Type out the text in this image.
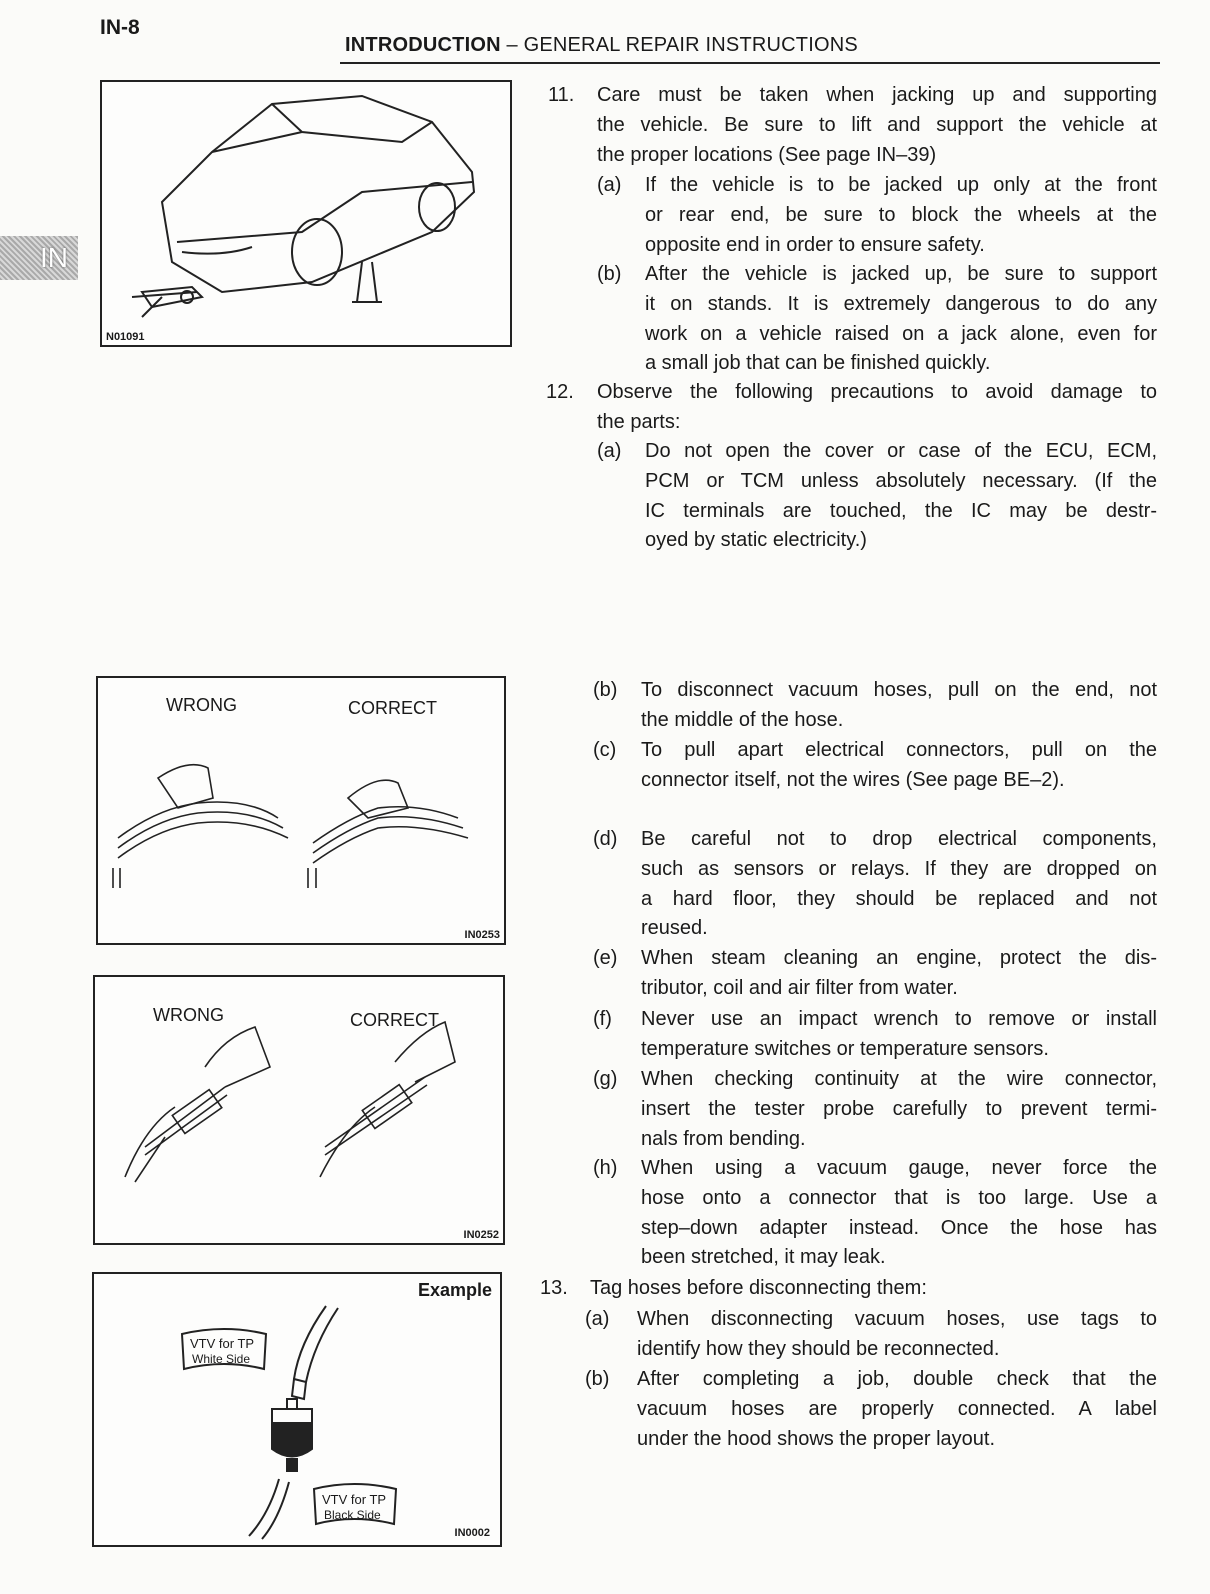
IN-8
INTRODUCTION – GENERAL REPAIR INSTRUCTIONS
IN
N01091
WRONG	CORRECT
IN0253
WRONG	CORRECT
IN0252
Example
VTV for TP
White Side
VTV for TP
Black Side
IN0002
11. Care must be taken when jacking up and supporting
the vehicle. Be sure to lift and support the vehicle at
the proper locations (See page IN–39)
(a) If the vehicle is to be jacked up only at the front
or rear end, be sure to block the wheels at the
opposite end in order to ensure safety.
(b) After the vehicle is jacked up, be sure to support
it on stands. It is extremely dangerous to do any
work on a vehicle raised on a jack alone, even for
a small job that can be finished quickly.
12. Observe the following precautions to avoid damage to
the parts:
(a) Do not open the cover or case of the ECU, ECM,
PCM or TCM unless absolutely necessary. (If the
IC terminals are touched, the IC may be destr-
oyed by static electricity.)
(b) To disconnect vacuum hoses, pull on the end, not
the middle of the hose.
(c) To pull apart electrical connectors, pull on the
connector itself, not the wires (See page BE–2).
(d) Be careful not to drop electrical components,
such as sensors or relays. If they are dropped on
a hard floor, they should be replaced and not
reused.
(e) When steam cleaning an engine, protect the dis-
tributor, coil and air filter from water.
(f) Never use an impact wrench to remove or install
temperature switches or temperature sensors.
(g) When checking continuity at the wire connector,
insert the tester probe carefully to prevent termi-
nals from bending.
(h) When using a vacuum gauge, never force the
hose onto a connector that is too large. Use a
step–down adapter instead. Once the hose has
been stretched, it may leak.
13. Tag hoses before disconnecting them:
(a) When disconnecting vacuum hoses, use tags to
identify how they should be reconnected.
(b) After completing a job, double check that the
vacuum hoses are properly connected. A label
under the hood shows the proper layout.
